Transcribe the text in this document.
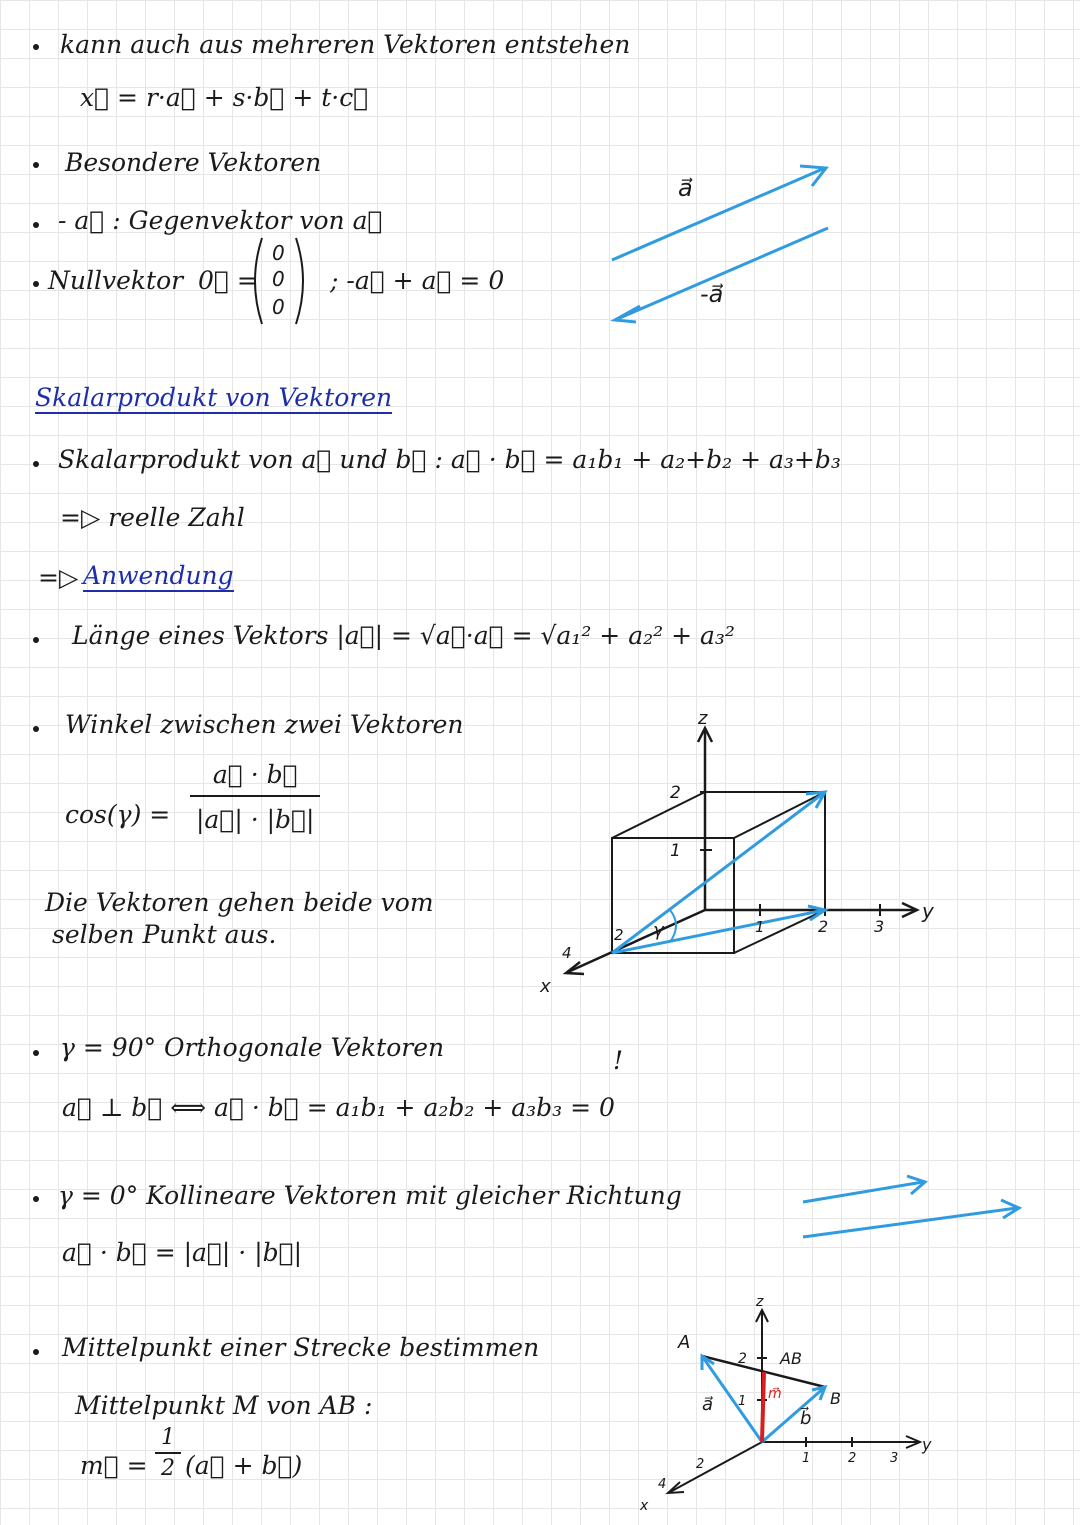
kann auch aus mehreren Vektoren entstehen
x⃗ = r·a⃗ + s·b⃗ + t·c⃗
Besondere Vektoren
- a⃗ : Gegenvektor von a⃗
Nullvektor 0⃗ =
0
0
0
; -a⃗ + a⃗ = 0
a⃗
-a⃗
Skalarprodukt von Vektoren
Skalarprodukt von a⃗ und b⃗ : a⃗ · b⃗ = a₁b₁ + a₂+b₂ + a₃+b₃
=▷ reelle Zahl
=▷ Anwendung
Länge eines Vektors |a⃗| = √a⃗·a⃗ = √a₁² + a₂² + a₃²
Winkel zwischen zwei Vektoren
$\cos(\gamma) = \frac{a⃗ \cdot b⃗}{|a⃗| \cdot |b⃗|}$
Die Vektoren gehen beide vom
selben Punkt aus.
z
y
x
2
1
1	2	3
2
4
γ
γ = 90° Orthogonale Vektoren	!
a⃗ ⊥ b⃗ ⟺ a⃗ · b⃗ = a₁b₁ + a₂b₂ + a₃b₃ = 0
γ = 0° Kollineare Vektoren mit gleicher Richtung
a⃗ · b⃗ = |a⃗| · |b⃗|
Mittelpunkt einer Strecke bestimmen
Mittelpunkt M von AB :
m⃗ = $\frac{1}{2}$ (a⃗ + b⃗)
A
B
AB
a⃗
b⃗
m⃗
z
y
x
2
1
1	2	3
2
4
